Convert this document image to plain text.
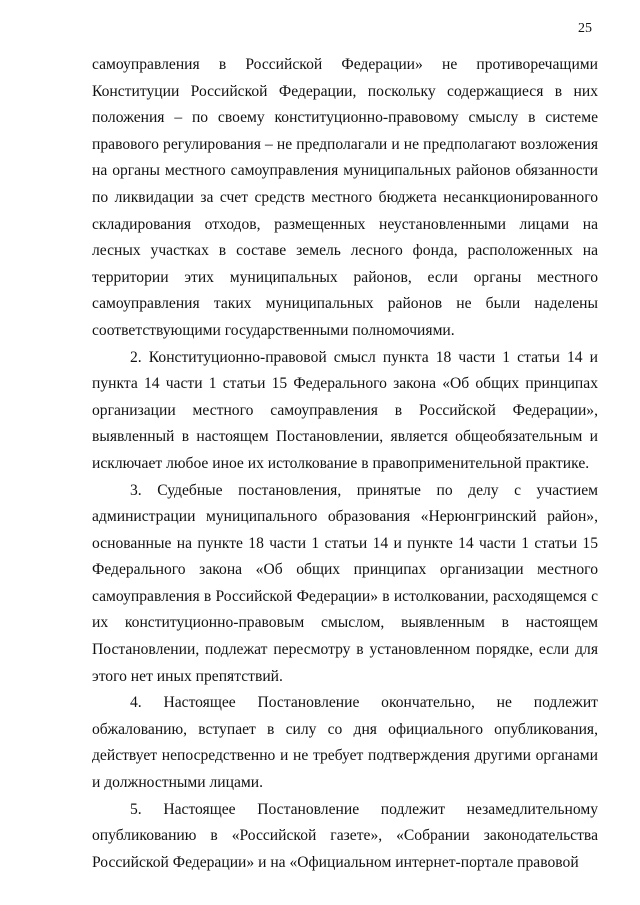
25

самоуправления в Российской Федерации» не противоречащими Конституции Российской Федерации, поскольку содержащиеся в них положения – по своему конституционно-правовому смыслу в системе правового регулирования – не предполагали и не предполагают возложения на органы местного самоуправления муниципальных районов обязанности по ликвидации за счет средств местного бюджета несанкционированного складирования отходов, размещенных неустановленными лицами на лесных участках в составе земель лесного фонда, расположенных на территории этих муниципальных районов, если органы местного самоуправления таких муниципальных районов не были наделены соответствующими государственными полномочиями.

2. Конституционно-правовой смысл пункта 18 части 1 статьи 14 и пункта 14 части 1 статьи 15 Федерального закона «Об общих принципах организации местного самоуправления в Российской Федерации», выявленный в настоящем Постановлении, является общеобязательным и исключает любое иное их истолкование в правоприменительной практике.

3. Судебные постановления, принятые по делу с участием администрации муниципального образования «Нерюнгринский район», основанные на пункте 18 части 1 статьи 14 и пункте 14 части 1 статьи 15 Федерального закона «Об общих принципах организации местного самоуправления в Российской Федерации» в истолковании, расходящемся с их конституционно-правовым смыслом, выявленным в настоящем Постановлении, подлежат пересмотру в установленном порядке, если для этого нет иных препятствий.

4. Настоящее Постановление окончательно, не подлежит обжалованию, вступает в силу со дня официального опубликования, действует непосредственно и не требует подтверждения другими органами и должностными лицами.

5. Настоящее Постановление подлежит незамедлительному опубликованию в «Российской газете», «Собрании законодательства Российской Федерации» и на «Официальном интернет-портале правовой
